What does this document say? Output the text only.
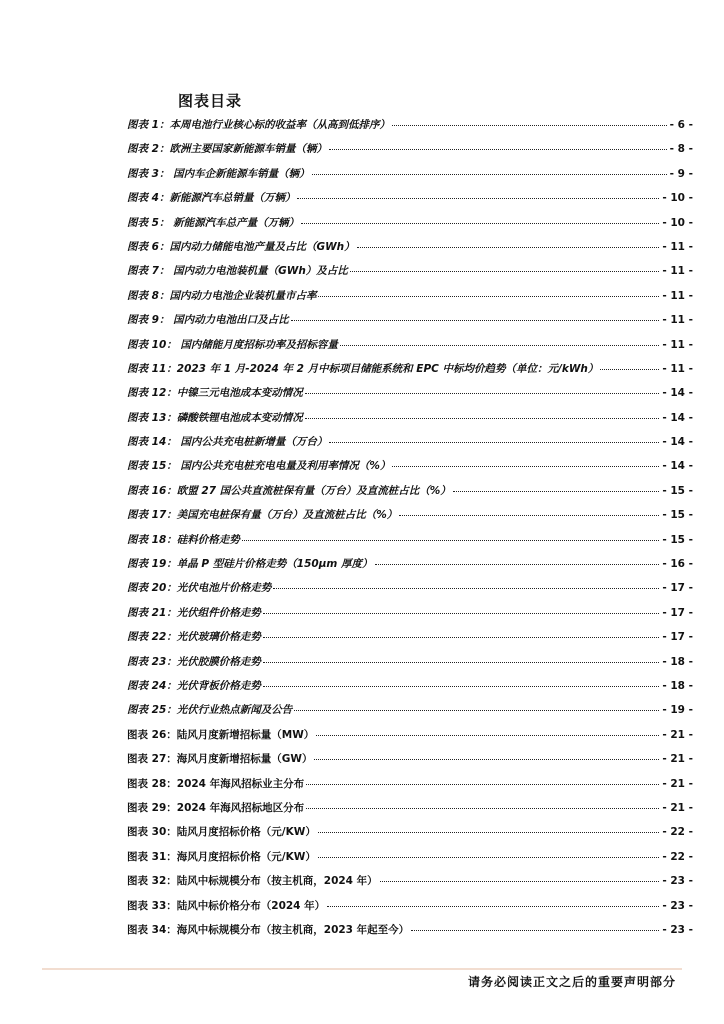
图表目录
图表 1：本周电池行业核心标的收益率（从高到低排序）	- 6 -
图表 2：欧洲主要国家新能源车销量（辆）	- 8 -
图表 3： 国内车企新能源车销量（辆）	- 9 -
图表 4：新能源汽车总销量（万辆）	- 10 -
图表 5： 新能源汽车总产量（万辆）	- 10 -
图表 6：国内动力储能电池产量及占比（GWh）	- 11 -
图表 7： 国内动力电池装机量（GWh）及占比	- 11 -
图表 8：国内动力电池企业装机量市占率	- 11 -
图表 9： 国内动力电池出口及占比	- 11 -
图表 10： 国内储能月度招标功率及招标容量	- 11 -
图表 11：2023 年 1 月-2024 年 2 月中标项目储能系统和 EPC 中标均价趋势（单位：元/kWh）	- 11 -
图表 12：中镍三元电池成本变动情况	- 14 -
图表 13：磷酸铁锂电池成本变动情况	- 14 -
图表 14： 国内公共充电桩新增量（万台）	- 14 -
图表 15： 国内公共充电桩充电电量及利用率情况（%）	- 14 -
图表 16：欧盟 27 国公共直流桩保有量（万台）及直流桩占比（%）	- 15 -
图表 17：美国充电桩保有量（万台）及直流桩占比（%）	- 15 -
图表 18：硅料价格走势	- 15 -
图表 19：单晶 P 型硅片价格走势（150μm 厚度）	- 16 -
图表 20：光伏电池片价格走势	- 17 -
图表 21：光伏组件价格走势	- 17 -
图表 22：光伏玻璃价格走势	- 17 -
图表 23：光伏胶膜价格走势	- 18 -
图表 24：光伏背板价格走势	- 18 -
图表 25：光伏行业热点新闻及公告	- 19 -
图表 26：陆风月度新增招标量（MW）	- 21 -
图表 27：海风月度新增招标量（GW）	- 21 -
图表 28：2024 年海风招标业主分布	- 21 -
图表 29：2024 年海风招标地区分布	- 21 -
图表 30：陆风月度招标价格（元/KW）	- 22 -
图表 31：海风月度招标价格（元/KW）	- 22 -
图表 32：陆风中标规模分布（按主机商，2024 年）	- 23 -
图表 33：陆风中标价格分布（2024 年）	- 23 -
图表 34：海风中标规模分布（按主机商，2023 年起至今）	- 23 -
请务必阅读正文之后的重要声明部分
